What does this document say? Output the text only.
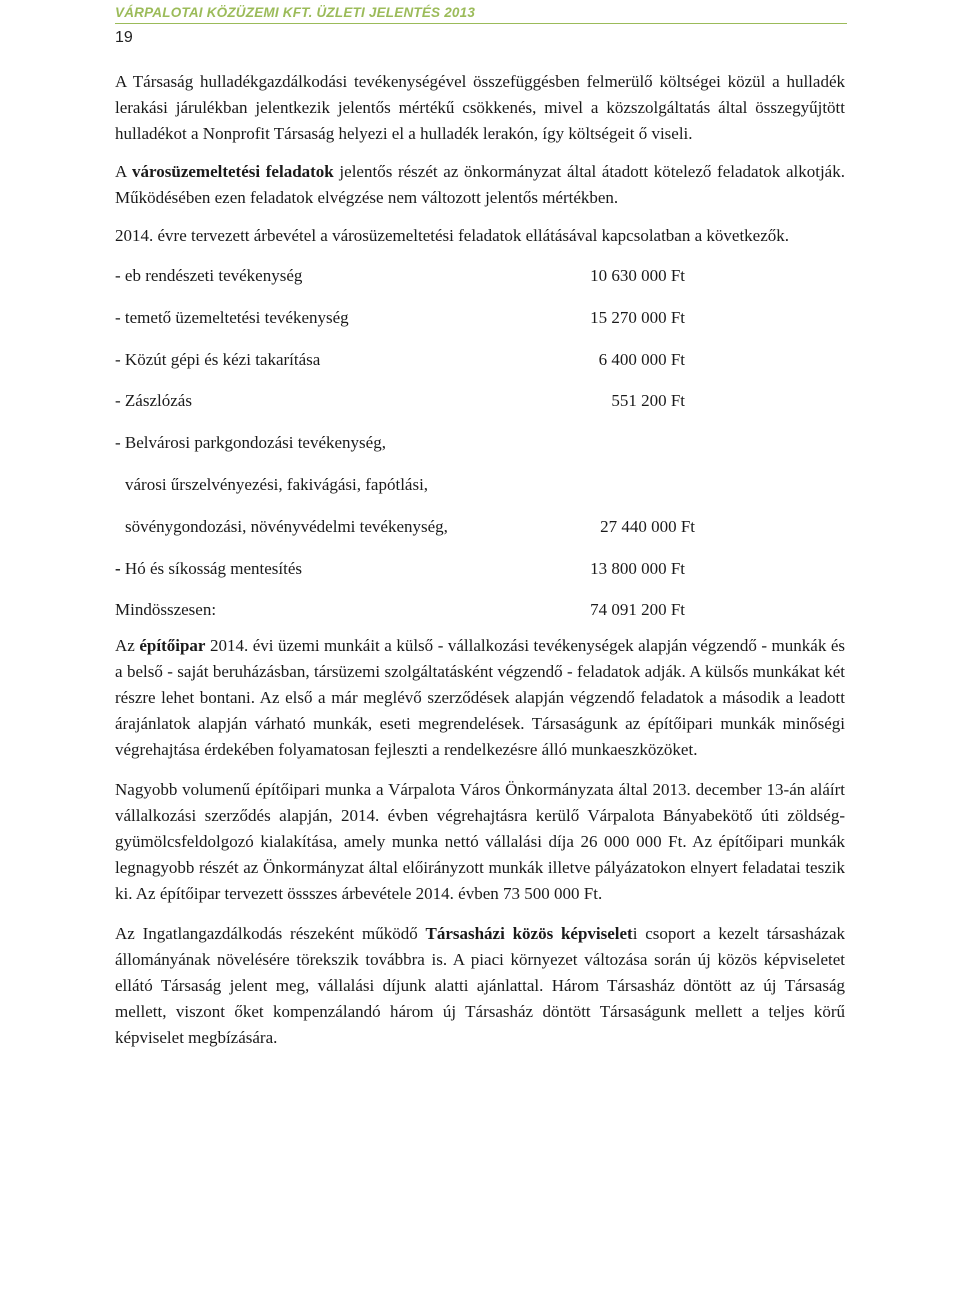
VÁRPALOTAI KÖZÜZEMI KFT. ÜZLETI JELENTÉS 2013
19

A Társaság hulladékgazdálkodási tevékenységével összefüggésben felmerülő költségei közül a hulladék lerakási járulékban jelentkezik jelentős mértékű csökkenés, mivel a közszolgáltatás által összegyűjtött hulladékot a Nonprofit Társaság helyezi el a hulladék lerakón, így költségeit ő viseli.

A városüzemeltetési feladatok jelentős részét az önkormányzat által átadott kötelező feladatok alkotják. Működésében ezen feladatok elvégzése nem változott jelentős mértékben.

2014. évre tervezett árbevétel a városüzemeltetési feladatok ellátásával kapcsolatban a következők.

- eb rendészeti tevékenység	10 630 000 Ft
- temető üzemeltetési tevékenység	15 270 000 Ft
- Közút gépi és kézi takarítása	6 400 000 Ft
- Zászlózás	551 200 Ft
- Belvárosi parkgondozási tevékenység,
városi űrszelvényezési, fakivágási, fapótlási,
sövénygondozási, növényvédelmi tevékenység,	27 440 000 Ft
- Hó és síkosság mentesítés	13 800 000 Ft
Mindösszesen:	74 091 200 Ft

Az építőipar 2014. évi üzemi munkáit a külső - vállalkozási tevékenységek alapján végzendő - munkák és a belső - saját beruházásban, társüzemi szolgáltatásként végzendő - feladatok adják. A külsős munkákat két részre lehet bontani. Az első a már meglévő szerződések alapján végzendő feladatok a második a leadott árajánlatok alapján várható munkák, eseti megrendelések. Társaságunk az építőipari munkák minőségi végrehajtása érdekében folyamatosan fejleszti a rendelkezésre álló munkaeszközöket.

Nagyobb volumenű építőipari munka a Várpalota Város Önkormányzata által 2013. december 13-án aláírt vállalkozási szerződés alapján, 2014. évben végrehajtásra kerülő Várpalota Bányabekötő úti zöldség-gyümölcsfeldolgozó kialakítása, amely munka nettó vállalási díja 26 000 000 Ft. Az építőipari munkák legnagyobb részét az Önkormányzat által előirányzott munkák illetve pályázatokon elnyert feladatai teszik ki. Az építőipar tervezett össszes árbevétele 2014. évben 73 500 000 Ft.

Az Ingatlangazdálkodás részeként működő Társasházi közös képviseleti csoport a kezelt társasházak állományának növelésére törekszik továbbra is. A piaci környezet változása során új közös képviseletet ellátó Társaság jelent meg, vállalási díjunk alatti ajánlattal. Három Társasház döntött az új Társaság mellett, viszont őket kompenzálandó három új Társasház döntött Társaságunk mellett a teljes körű képviselet megbízására.
